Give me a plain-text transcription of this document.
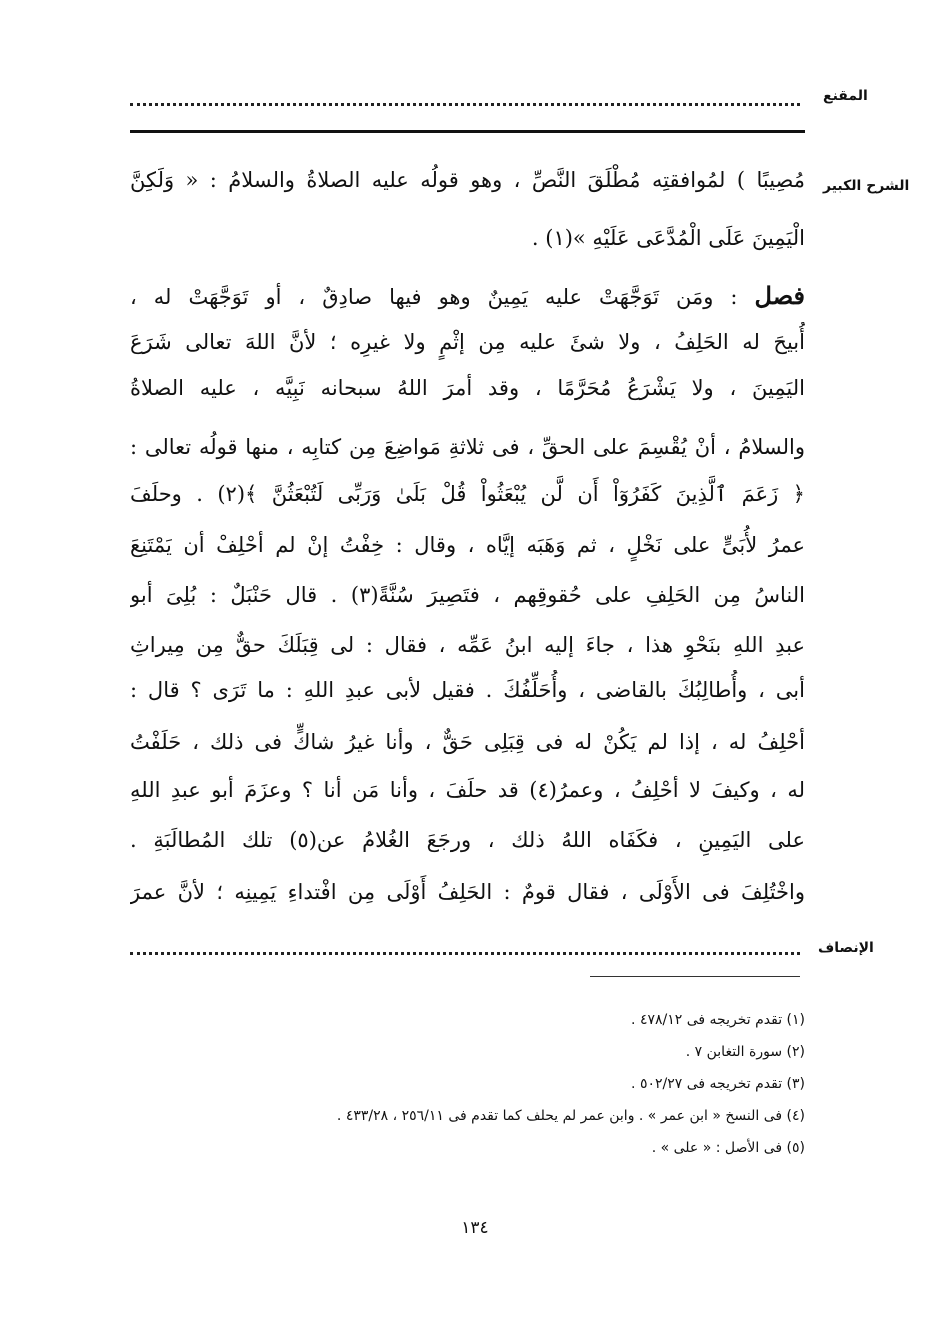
المقنع
الشرح الكبير
مُصِيبًا ) لمُوافقتِه مُطْلَقَ النَّصِّ ، وهو قولُه عليه الصلاةُ والسلامُ : « وَلَكِنَّ
الْيَمِينَ عَلَى الْمُدَّعَى عَلَيْهِ »(١) .
فصل : ومَن تَوَجَّهَتْ عليه يَمِينٌ وهو فيها صادِقٌ ، أو تَوَجَّهَتْ له ،
أُبيحَ له الحَلِفُ ، ولا شئَ عليه مِن إثْمٍ ولا غيرِه ؛ لأنَّ اللهَ تعالى شَرَعَ
اليَمِينَ ، ولا يَشْرَعُ مُحَرَّمًا ، وقد أمرَ اللهُ سبحانه نَبِيَّه ، عليه الصلاةُ
والسلامُ ، أنْ يُقْسِمَ على الحقِّ ، فى ثلاثةِ مَواضِعَ مِن كتابِه ، منها قولُه تعالى :
﴿ زَعَمَ ٱلَّذِينَ كَفَرُوٓاْ أَن لَّن يُبْعَثُواْ قُلْ بَلَىٰ وَرَبِّى لَتُبْعَثُنَّ ﴾(٢) . وحلَفَ
عمرُ لأُبَىٍّ على نَخْلٍ ، ثم وَهَبَه إيَّاه ، وقال : خِفْتُ إنْ لم أحْلِفْ أن يَمْتَنِعَ
الناسُ مِن الحَلِفِ على حُقوقِهم ، فتَصِيرَ سُنَّةً(٣) . قال حَنْبَلٌ : بُلِىَ أبو
عبدِ اللهِ بنَحْوِ هذا ، جاءَ إليه ابنُ عَمِّه ، فقال : لى قِبَلَكَ حقٌّ مِن مِيراثِ
أبى ، وأُطالِبُكَ بالقاضى ، وأُحَلِّفُكَ . فقيل لأبى عبدِ اللهِ : ما تَرَى ؟ قال :
أحْلِفُ له ، إذا لم يَكُنْ له فى قِبَلِى حَقٌّ ، وأنا غيرُ شاكٍّ فى ذلك ، حَلَفْتُ
له ، وكيفَ لا أحْلِفُ ، وعمرُ(٤) قد حلَفَ ، وأنا مَن أنا ؟ وعزَمَ أبو عبدِ اللهِ
على اليَمِينِ ، فكَفَاه اللهُ ذلك ، ورجَعَ الغُلامُ عن(٥) تلك المُطالَبَةِ .
واخْتُلِفَ فى الأَوْلَى ، فقال قومٌ : الحَلِفُ أَوْلَى مِن افْتداءِ يَمِينِه ؛ لأنَّ عمرَ
الإنصاف
(١) تقدم تخريجه فى ٤٧٨/١٢ .
(٢) سورة التغابن ٧ .
(٣) تقدم تخريجه فى ٥٠٢/٢٧ .
(٤) فى النسخ « ابن عمر » . وابن عمر لم يحلف كما تقدم فى ٢٥٦/١١ ، ٤٣٣/٢٨ .
(٥) فى الأصل : « على » .
١٣٤
